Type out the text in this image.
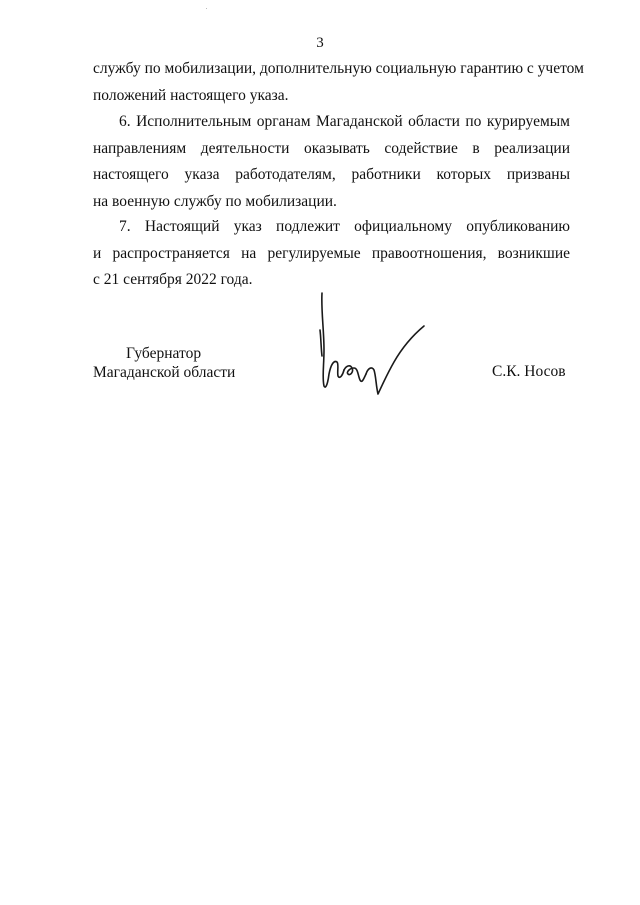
3
службу по мобилизации, дополнительную социальную гарантию с учетом
положений настоящего указа.
6. Исполнительным органам Магаданской области по курируемым
направлениям деятельности оказывать содействие в реализации
настоящего указа работодателям, работники которых призваны
на военную службу по мобилизации.
7. Настоящий указ подлежит официальному опубликованию
и распространяется на регулируемые правоотношения, возникшие
с 21 сентября 2022 года.
Губернатор
Магаданской области	С.К. Носов
